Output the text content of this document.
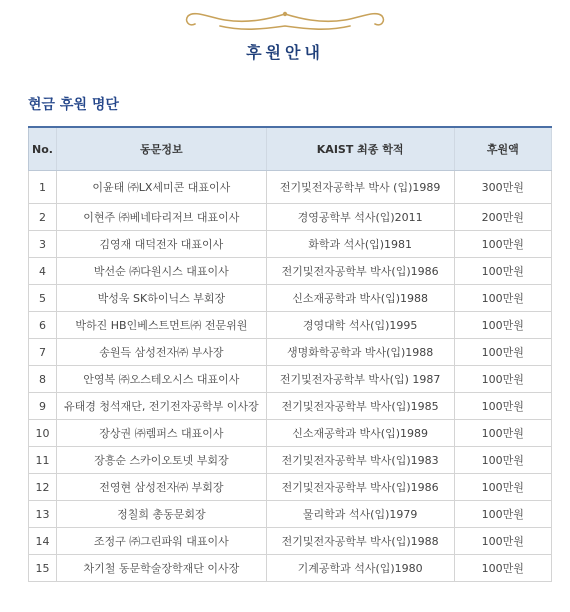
후원안내
현금 후원 명단
No.	동문정보	KAIST 최종 학적	후원액
1	이윤태 ㈜LX세미콘 대표이사	전기및전자공학부 박사 (입)1989	300만원
2	이현주 ㈜베네타리저브 대표이사	경영공학부 석사(입)2011	200만원
3	김영재 대덕전자 대표이사	화학과 석사(입)1981	100만원
4	박선순 ㈜다원시스 대표이사	전기및전자공학부 박사(입)1986	100만원
5	박성욱 SK하이닉스 부회장	신소재공학과 박사(입)1988	100만원
6	박하진 HB인베스트먼트㈜ 전문위원	경영대학 석사(입)1995	100만원
7	송원득 삼성전자㈜ 부사장	생명화학공학과 박사(입)1988	100만원
8	안영복 ㈜오스테오시스 대표이사	전기및전자공학부 박사(입) 1987	100만원
9	유태경 청석재단, 전기전자공학부 이사장	전기및전자공학부 박사(입)1985	100만원
10	장상권 ㈜렘퍼스 대표이사	신소재공학과 박사(입)1989	100만원
11	장흥순 스카이오토넷 부회장	전기및전자공학부 박사(입)1983	100만원
12	전영현 삼성전자㈜ 부회장	전기및전자공학부 박사(입)1986	100만원
13	정칠희 총동문회장	물리학과 석사(입)1979	100만원
14	조정구 ㈜그린파워 대표이사	전기및전자공학부 박사(입)1988	100만원
15	차기철 동문학술장학재단 이사장	기계공학과 석사(입)1980	100만원
